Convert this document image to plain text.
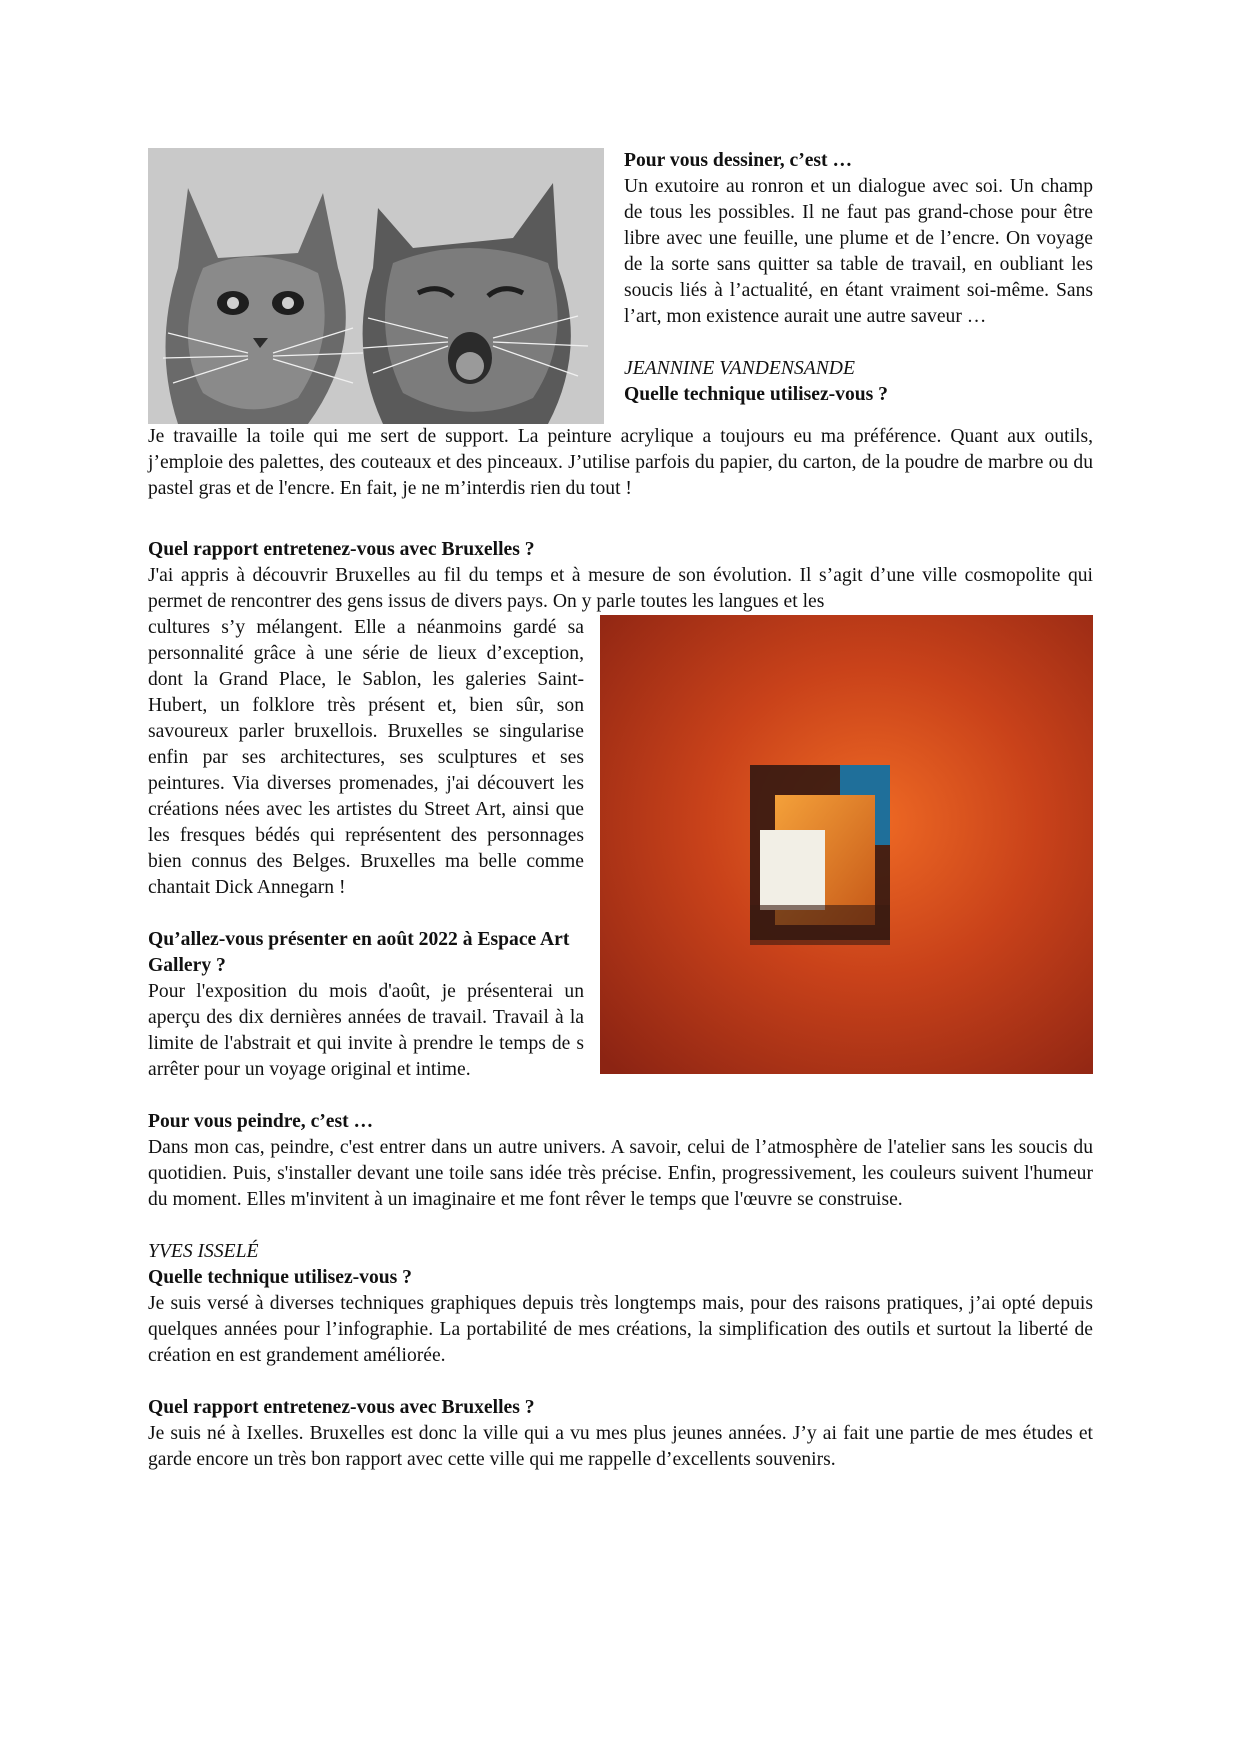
Pour vous dessiner, c’est …

Un exutoire au ronron et un dialogue avec soi. Un champ de tous les possibles. Il ne faut pas grand-chose pour être libre avec une feuille, une plume et de l’encre. On voyage de la sorte sans quitter sa table de travail, en oubliant les soucis liés à l’actualité, en étant vraiment soi-même. Sans l’art, mon existence aurait une autre saveur …

JEANNINE VANDENSANDE

Quelle technique utilisez-vous ?

Je travaille la toile qui me sert de support. La peinture acrylique a toujours eu ma préférence. Quant aux outils, j’emploie des palettes, des couteaux et des pinceaux. J’utilise parfois du papier, du carton, de la poudre de marbre ou du pastel gras et de l'encre. En fait, je ne m’interdis rien du tout !

Quel rapport entretenez-vous avec Bruxelles ?

J'ai appris à découvrir Bruxelles au fil du temps et à mesure de son évolution. Il s’agit d’une ville cosmopolite qui permet de rencontrer des gens issus de divers pays. On y parle toutes les langues et les

cultures s’y mélangent. Elle a néanmoins gardé sa personnalité grâce à une série de lieux d’exception, dont la Grand Place, le Sablon, les galeries Saint-Hubert, un folklore très présent et, bien sûr, son savoureux parler bruxellois. Bruxelles se singularise enfin par ses architectures, ses sculptures et ses peintures. Via diverses promenades, j'ai découvert les créations nées avec les artistes du Street Art, ainsi que les fresques bédés qui représentent des personnages bien connus des Belges. Bruxelles ma belle comme chantait Dick Annegarn !

Qu’allez-vous présenter en août 2022 à Espace Art Gallery ?

Pour l'exposition du mois d'août, je présenterai un aperçu des dix dernières années de travail. Travail à la limite de l'abstrait et qui invite à prendre le temps de s arrêter pour un voyage original et intime.

Pour vous peindre, c’est …

Dans mon cas, peindre, c'est entrer dans un autre univers. A savoir, celui de l’atmosphère de l'atelier sans les soucis du quotidien. Puis, s'installer devant une toile sans idée très précise. Enfin, progressivement, les couleurs suivent l'humeur du moment. Elles m'invitent à un imaginaire et me font rêver le temps que l'œuvre se construise.

YVES ISSELÉ

Quelle technique utilisez-vous ?

Je suis versé à diverses techniques graphiques depuis très longtemps mais, pour des raisons pratiques, j’ai opté depuis quelques années pour l’infographie. La portabilité de mes créations, la simplification des outils et surtout la liberté de création en est grandement améliorée.

Quel rapport entretenez-vous avec Bruxelles ?

Je suis né à Ixelles. Bruxelles est donc la ville qui a vu mes plus jeunes années. J’y ai fait une partie de mes études et garde encore un très bon rapport avec cette ville qui me rappelle d’excellents souvenirs.
